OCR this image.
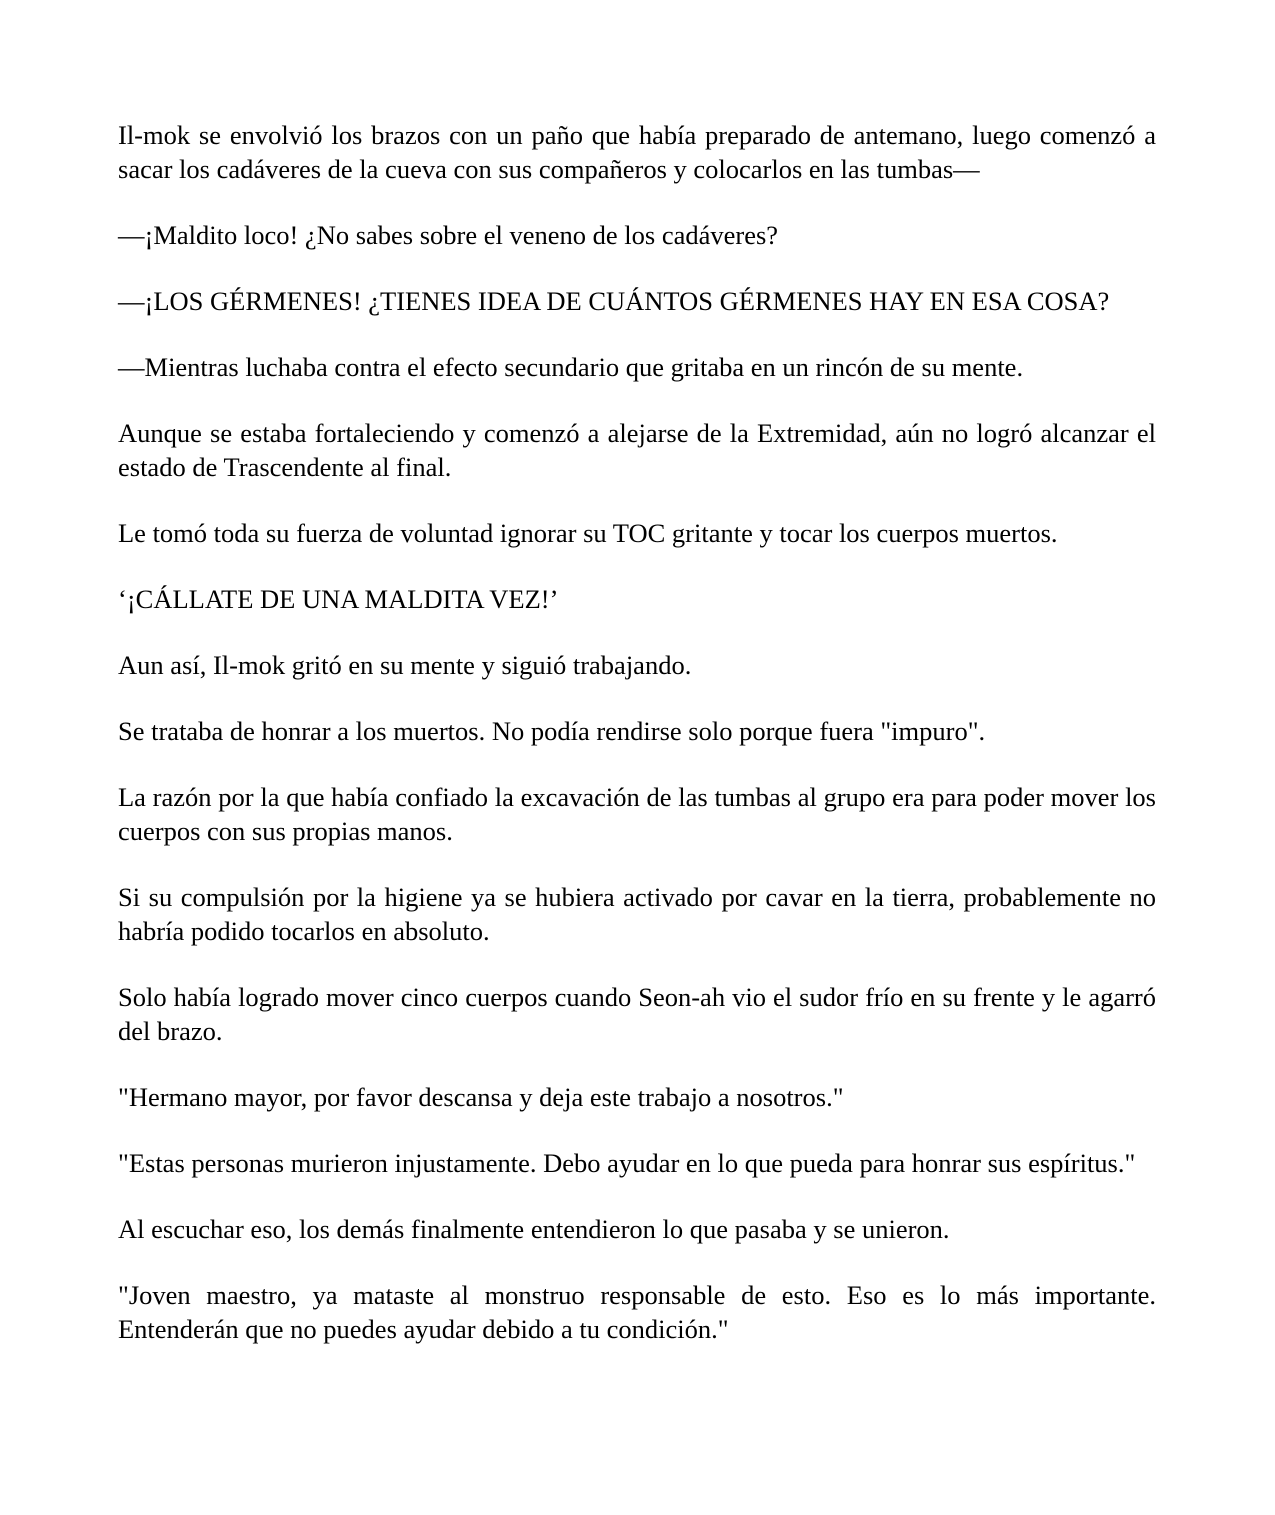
Il-mok se envolvió los brazos con un paño que había preparado de antemano, luego comenzó a sacar los cadáveres de la cueva con sus compañeros y colocarlos en las tumbas—

—¡Maldito loco! ¿No sabes sobre el veneno de los cadáveres?

—¡LOS GÉRMENES! ¿TIENES IDEA DE CUÁNTOS GÉRMENES HAY EN ESA COSA?

—Mientras luchaba contra el efecto secundario que gritaba en un rincón de su mente.

Aunque se estaba fortaleciendo y comenzó a alejarse de la Extremidad, aún no logró alcanzar el estado de Trascendente al final.

Le tomó toda su fuerza de voluntad ignorar su TOC gritante y tocar los cuerpos muertos.

‘¡CÁLLATE DE UNA MALDITA VEZ!’

Aun así, Il-mok gritó en su mente y siguió trabajando.

Se trataba de honrar a los muertos. No podía rendirse solo porque fuera "impuro".

La razón por la que había confiado la excavación de las tumbas al grupo era para poder mover los cuerpos con sus propias manos.

Si su compulsión por la higiene ya se hubiera activado por cavar en la tierra, probablemente no habría podido tocarlos en absoluto.

Solo había logrado mover cinco cuerpos cuando Seon-ah vio el sudor frío en su frente y le agarró del brazo.

"Hermano mayor, por favor descansa y deja este trabajo a nosotros."

"Estas personas murieron injustamente. Debo ayudar en lo que pueda para honrar sus espíritus."

Al escuchar eso, los demás finalmente entendieron lo que pasaba y se unieron.

"Joven maestro, ya mataste al monstruo responsable de esto. Eso es lo más importante. Entenderán que no puedes ayudar debido a tu condición."
